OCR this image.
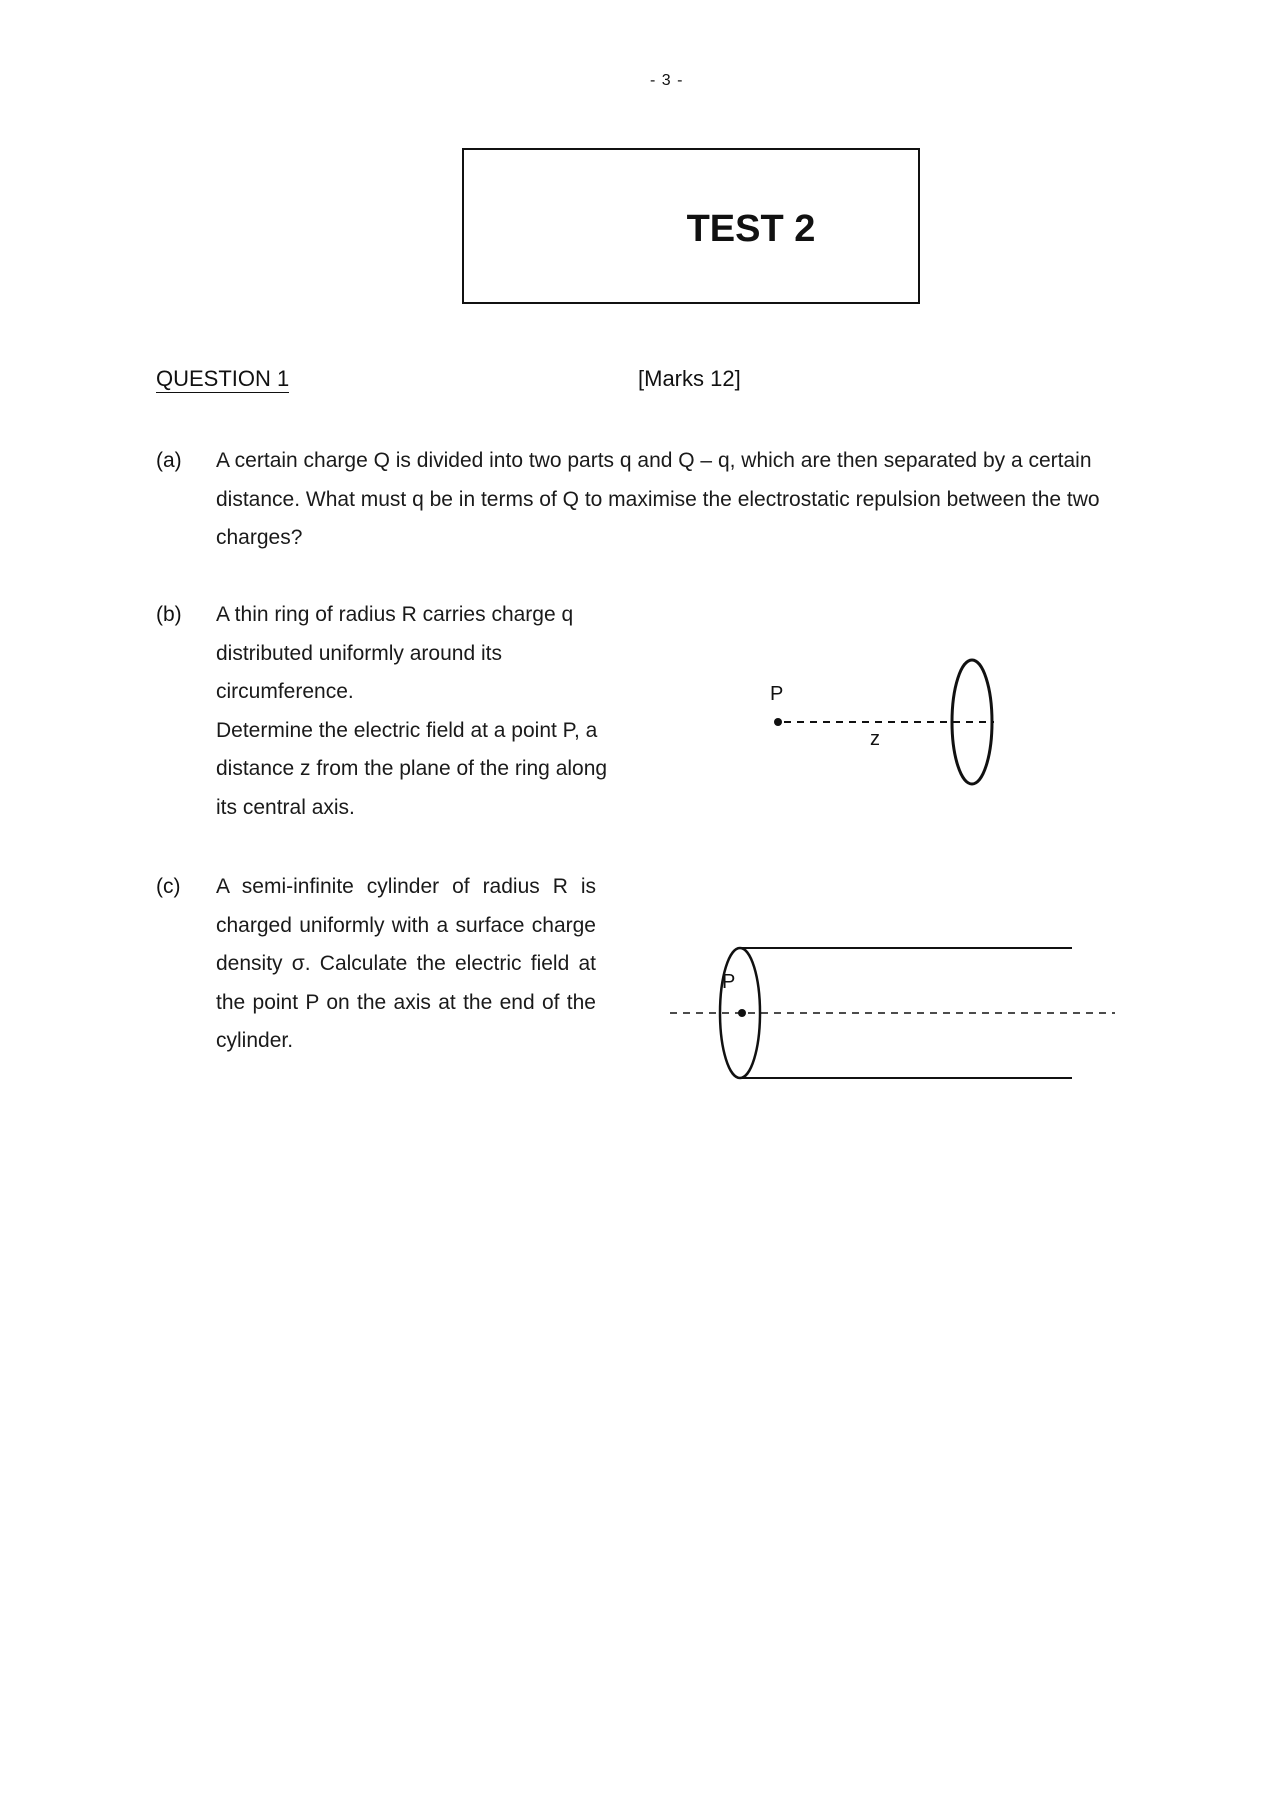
- 3 -
TEST 2
QUESTION 1	[Marks 12]
(a) A certain charge Q is divided into two parts q and Q – q, which are then separated by a certain distance. What must q be in terms of Q to maximise the electrostatic repulsion between the two charges?
(b) A thin ring of radius R carries charge q
distributed uniformly around its
circumference.
Determine the electric field at a point P, a
distance z from the plane of the ring along
its central axis.
P
z
(c) A semi-infinite cylinder of radius R is charged uniformly with a surface charge density σ. Calculate the electric field at the point P on the axis at the end of the cylinder.
P
